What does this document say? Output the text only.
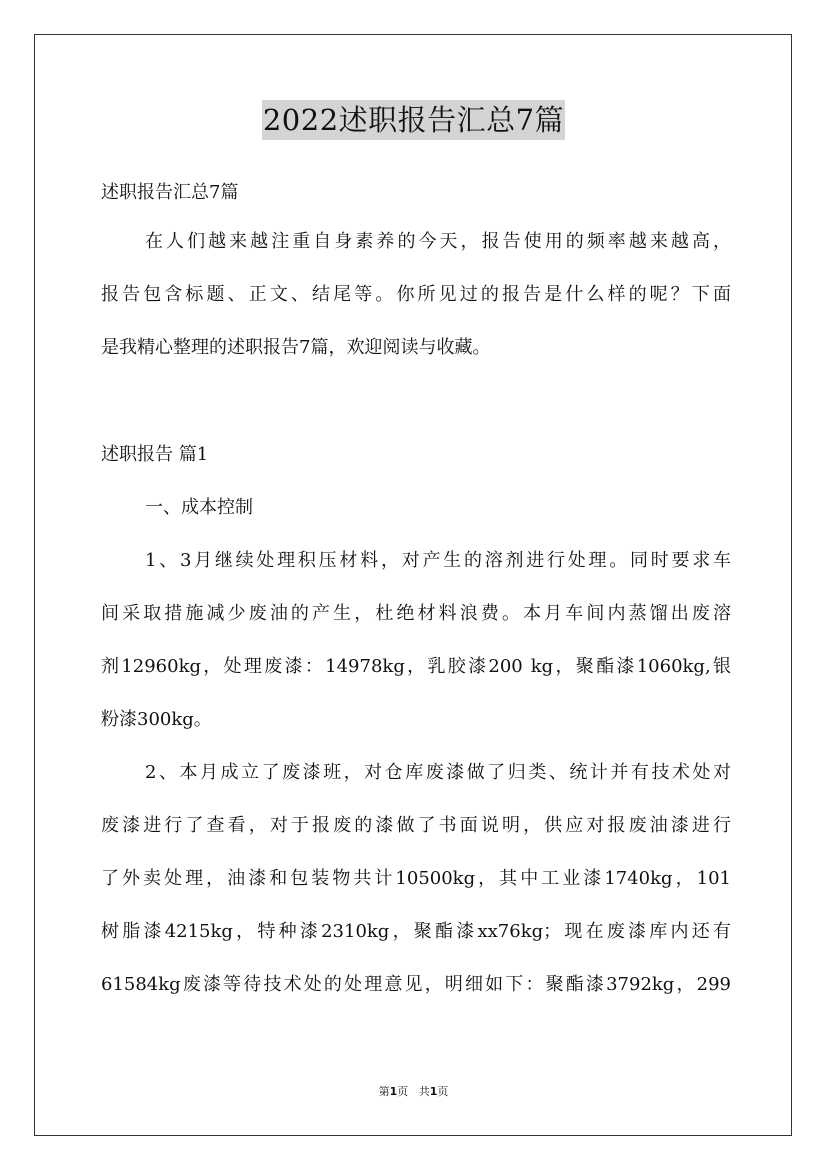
2022述职报告汇总7篇
述职报告汇总7篇
在人们越来越注重自身素养的今天，报告使用的频率越来越高，
报告包含标题、正文、结尾等。你所见过的报告是什么样的呢？下面
是我精心整理的述职报告7篇，欢迎阅读与收藏。
述职报告 篇1
一、成本控制
1、3月继续处理积压材料，对产生的溶剂进行处理。同时要求车
间采取措施减少废油的产生，杜绝材料浪费。本月车间内蒸馏出废溶
剂12960kg，处理废漆：14978kg，乳胶漆200 kg，聚酯漆1060kg,银
粉漆300kg。
2、本月成立了废漆班，对仓库废漆做了归类、统计并有技术处对
废漆进行了查看，对于报废的漆做了书面说明，供应对报废油漆进行
了外卖处理，油漆和包装物共计10500kg，其中工业漆1740kg，101
树脂漆4215kg，特种漆2310kg，聚酯漆xx76kg；现在废漆库内还有
61584kg废漆等待技术处的处理意见，明细如下：聚酯漆3792kg，299
第1页 共1页
